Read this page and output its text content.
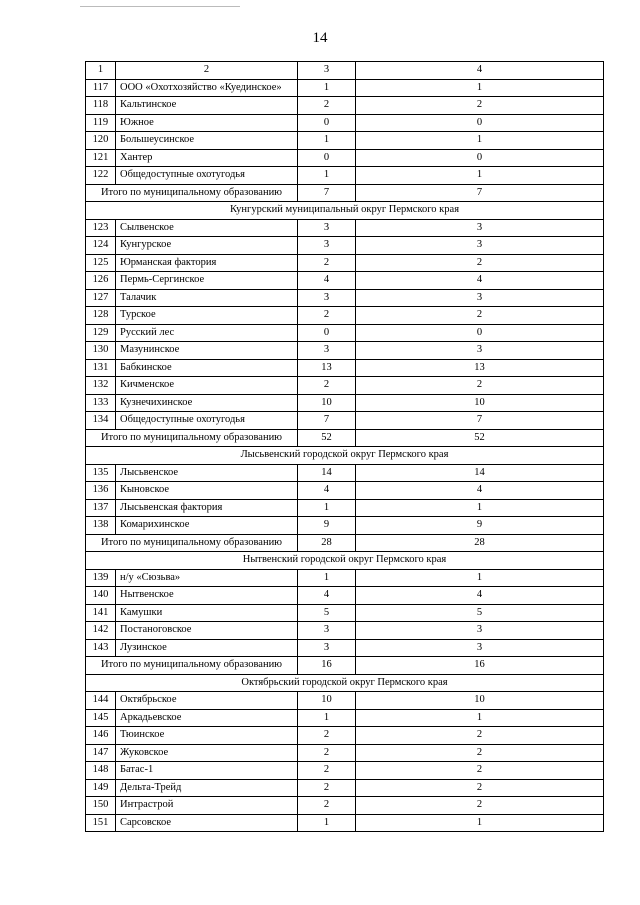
14
1	2	3	4
117	ООО «Охотхозяйство «Куединское»	1	1
118	Кальтинское	2	2
119	Южное	0	0
120	Большеусинское	1	1
121	Хантер	0	0
122	Общедоступные охотугодья	1	1
Итого по муниципальному образованию		7	7
Кунгурский муниципальный округ Пермского края			
123	Сылвенское	3	3
124	Кунгурское	3	3
125	Юрманская фактория	2	2
126	Пермь-Сергинское	4	4
127	Талачик	3	3
128	Турское	2	2
129	Русский лес	0	0
130	Мазунинское	3	3
131	Бабкинское	13	13
132	Кичменское	2	2
133	Кузнечихинское	10	10
134	Общедоступные охотугодья	7	7
Итого по муниципальному образованию		52	52
Лысьвенский городской округ Пермского края			
135	Лысьвенское	14	14
136	Кыновское	4	4
137	Лысьвенская фактория	1	1
138	Комарихинское	9	9
Итого по муниципальному образованию		28	28
Нытвенский городской округ Пермского края			
139	н/у «Сюзьва»	1	1
140	Нытвенское	4	4
141	Камушки	5	5
142	Постаноговское	3	3
143	Лузинское	3	3
Итого по муниципальному образованию		16	16
Октябрьский городской округ Пермского края			
144	Октябрьское	10	10
145	Аркадьевское	1	1
146	Тюинское	2	2
147	Жуковское	2	2
148	Батас-1	2	2
149	Дельта-Трейд	2	2
150	Интрастрой	2	2
151	Сарсовское	1	1
